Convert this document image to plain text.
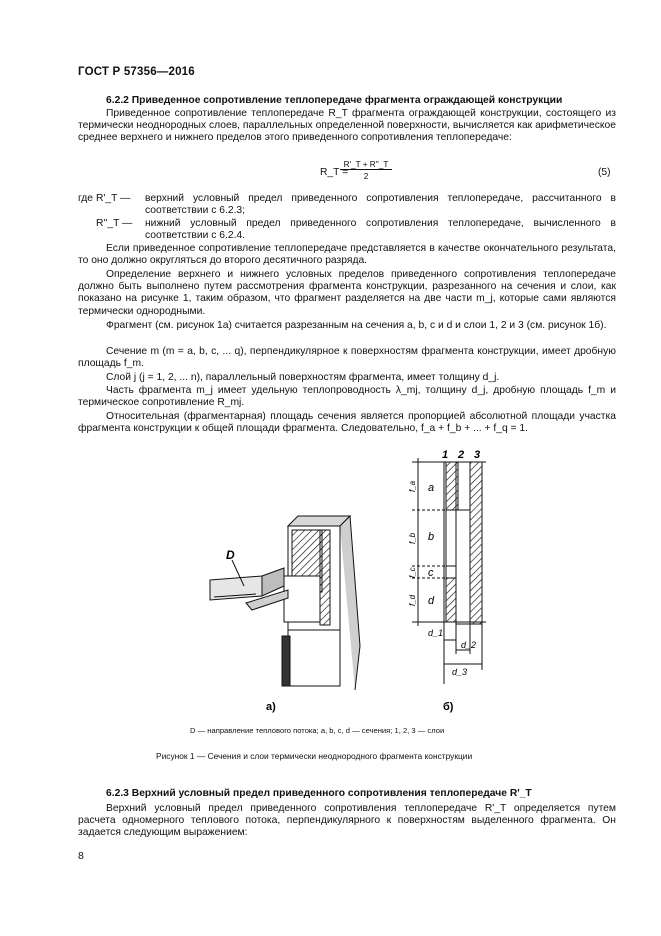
ГОСТ Р 57356—2016
6.2.2 Приведенное сопротивление теплопередаче фрагмента ограждающей конструкции
Приведенное сопротивление теплопередаче R_T фрагмента ограждающей конструкции, состоящего из термически неоднородных слоев, параллельных определенной поверхности, вычисляется как арифметическое среднее верхнего и нижнего пределов этого приведенного сопротивления теплопередаче:
R_T =
R'_T + R''_T
2	(5)
где R'_T — верхний условный предел приведенного сопротивления теплопередаче, рассчитанного в соответствии с 6.2.3;
R''_T — нижний условный предел приведенного сопротивления теплопередаче, вычисленного в соответствии с 6.2.4.
Если приведенное сопротивление теплопередаче представляется в качестве окончательного результата, то оно должно округляться до второго десятичного разряда.
Определение верхнего и нижнего условных пределов приведенного сопротивления теплопередаче должно быть выполнено путем рассмотрения фрагмента конструкции, разрезанного на сечения и слои, как показано на рисунке 1, таким образом, что фрагмент разделяется на две части m_j, которые сами являются термически однородными.
Фрагмент (см. рисунок 1а) считается разрезанным на сечения a, b, c и d и слои 1, 2 и 3 (см. рисунок 1б).
Сечение m (m = a, b, c, ... q), перпендикулярное к поверхностям фрагмента конструкции, имеет дробную площадь f_m.
Слой j (j = 1, 2, ... n), параллельный поверхностям фрагмента, имеет толщину d_j.
Часть фрагмента m_j имеет удельную теплопроводность λ_mj, толщину d_j, дробную площадь f_m и термическое сопротивление R_mj.
Относительная (фрагментарная) площадь сечения является пропорцией абсолютной площади участка фрагмента конструкции к общей площади фрагмента. Следовательно, f_a + f_b + ... + f_q = 1.
D
а)
1 2 3
a
b
c
d
f_a
f_b
f_c
f_d
d_1
d_2
d_3
б)
D — направление теплового потока; a, b, c, d — сечения; 1, 2, 3 — слои
Рисунок 1 — Сечения и слои термически неоднородного фрагмента конструкции
6.2.3 Верхний условный предел приведенного сопротивления теплопередаче R'_T
Верхний условный предел приведенного сопротивления теплопередаче R'_T определяется путем расчета одномерного теплового потока, перпендикулярного к поверхностям выделенного фрагмента. Он задается следующим выражением:
8
